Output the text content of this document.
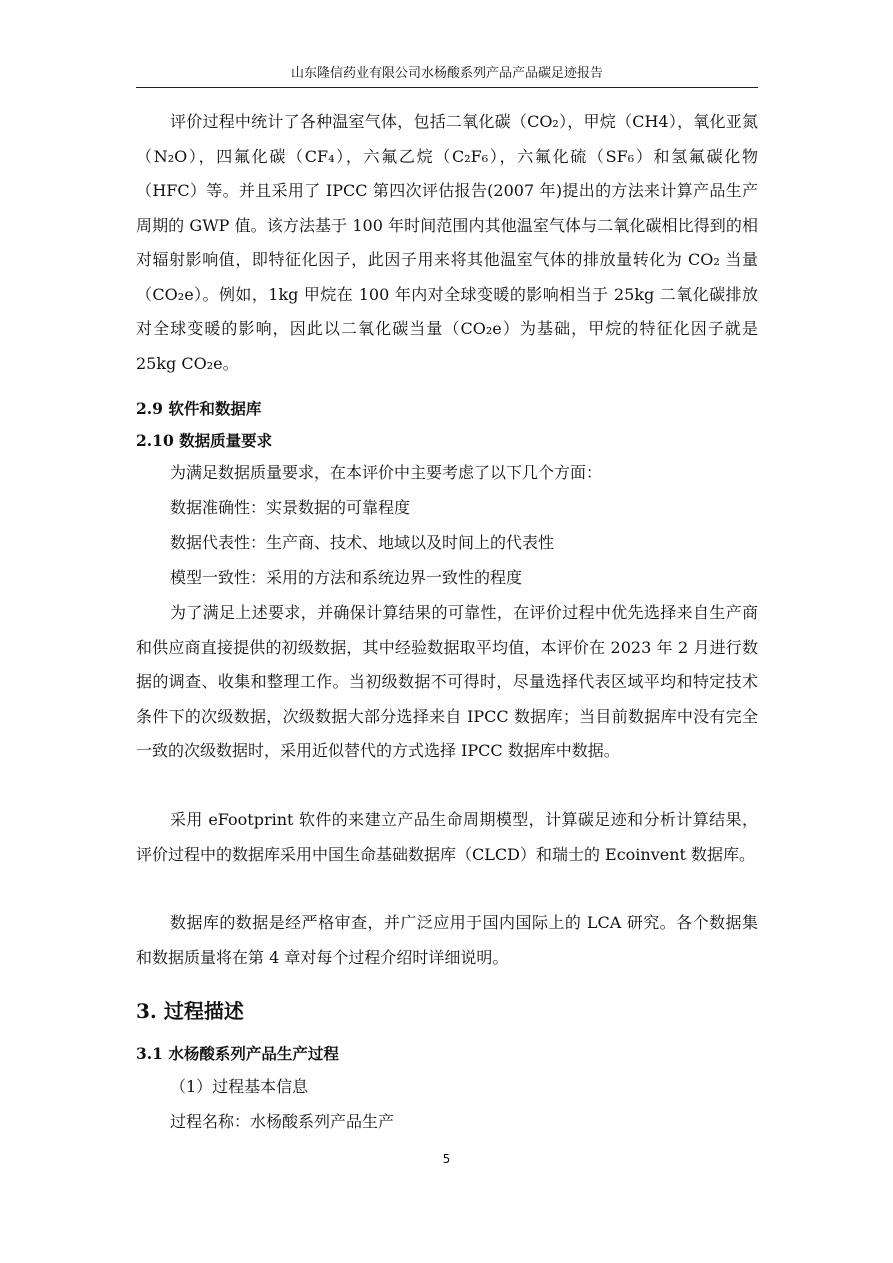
山东隆信药业有限公司水杨酸系列产品产品碳足迹报告

评价过程中统计了各种温室气体，包括二氧化碳（CO₂），甲烷（CH4），氧化亚氮（N₂O），四氟化碳（CF₄），六氟乙烷（C₂F₆），六氟化硫（SF₆）和氢氟碳化物（HFC）等。并且采用了 IPCC 第四次评估报告(2007 年)提出的方法来计算产品生产周期的 GWP 值。该方法基于 100 年时间范围内其他温室气体与二氧化碳相比得到的相对辐射影响值，即特征化因子，此因子用来将其他温室气体的排放量转化为 CO₂ 当量（CO₂e）。例如，1kg 甲烷在 100 年内对全球变暖的影响相当于 25kg 二氧化碳排放对全球变暖的影响，因此以二氧化碳当量（CO₂e）为基础，甲烷的特征化因子就是 25kg CO₂e。

2.9 软件和数据库
2.10 数据质量要求
为满足数据质量要求，在本评价中主要考虑了以下几个方面：
数据准确性：实景数据的可靠程度
数据代表性：生产商、技术、地域以及时间上的代表性
模型一致性：采用的方法和系统边界一致性的程度

为了满足上述要求，并确保计算结果的可靠性，在评价过程中优先选择来自生产商和供应商直接提供的初级数据，其中经验数据取平均值，本评价在 2023 年 2 月进行数据的调查、收集和整理工作。当初级数据不可得时，尽量选择代表区域平均和特定技术条件下的次级数据，次级数据大部分选择来自 IPCC 数据库；当目前数据库中没有完全一致的次级数据时，采用近似替代的方式选择 IPCC 数据库中数据。

采用 eFootprint 软件的来建立产品生命周期模型，计算碳足迹和分析计算结果，评价过程中的数据库采用中国生命基础数据库（CLCD）和瑞士的 Ecoinvent 数据库。

数据库的数据是经严格审查，并广泛应用于国内国际上的 LCA 研究。各个数据集和数据质量将在第 4 章对每个过程介绍时详细说明。

3. 过程描述
3.1 水杨酸系列产品生产过程
（1）过程基本信息
过程名称：水杨酸系列产品生产
5
